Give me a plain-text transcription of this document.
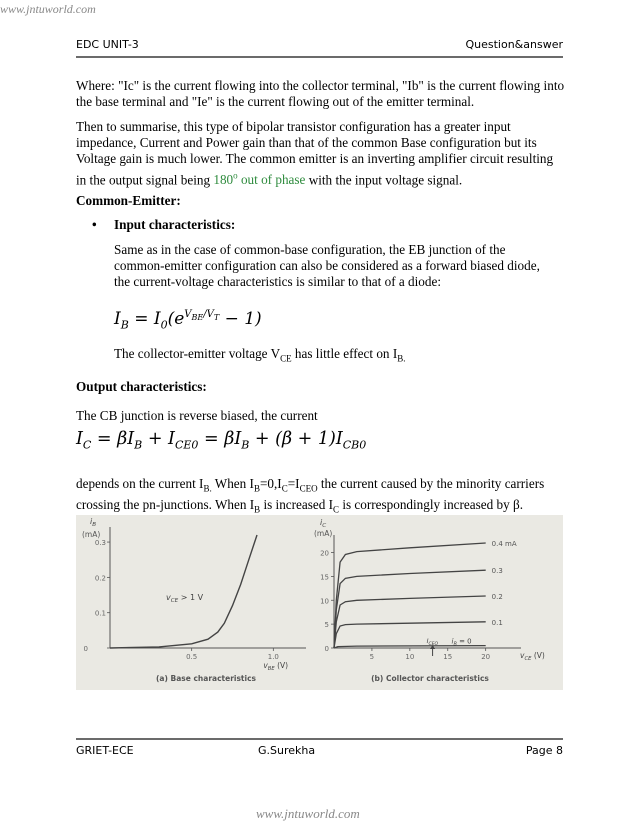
www.jntuworld.com
www.jntuworld.com
EDC UNIT-3	Question&answer
Where: "Ic" is the current flowing into the collector terminal, "Ib" is the current flowing into the base terminal and "Ie" is the current flowing out of the emitter terminal.
Then to summarise, this type of bipolar transistor configuration has a greater input impedance, Current and Power gain than that of the common Base configuration but its Voltage gain is much lower. The common emitter is an inverting amplifier circuit resulting in the output signal being 180$^o$ out of phase with the input voltage signal.
Common-Emitter:
• Input characteristics:
Same as in the case of common-base configuration, the EB junction of the common-emitter configuration can also be considered as a forward biased diode, the current-voltage characteristics is similar to that of a diode:
$I_B = I_0(e^{V_{BE}/V_T} - 1)$
The collector-emitter voltage $V_{CE}$ has little effect on $I_{B.}$
Output characteristics:
The CB junction is reverse biased, the current
$I_C = \beta I_B + I_{CE0} = \beta I_B + (\beta + 1)I_{CB0}$
depends on the current $I_{B.}$ When $I_B=0,I_C=I_{CEO}$ the current caused by the minority carriers crossing the pn-junctions. When $I_B$ is increased $I_C$ is correspondingly increased by β.
0.3
0.2
0.1
0
0.5	1.0
$i_B$
(mA)
$v_{BE}$ (V)
$v_{CE} > 1$ V
(a) Base characteristics
20
15
10
5
0
5	10	15	20
$i_C$
(mA)
$v_{CE}$ (V)
(b) Collector characteristics
0.4 mA
0.3
0.2
0.1
$i_B = 0$
$I_{CEO}$
GRIET-ECE	G.Surekha	Page 8
